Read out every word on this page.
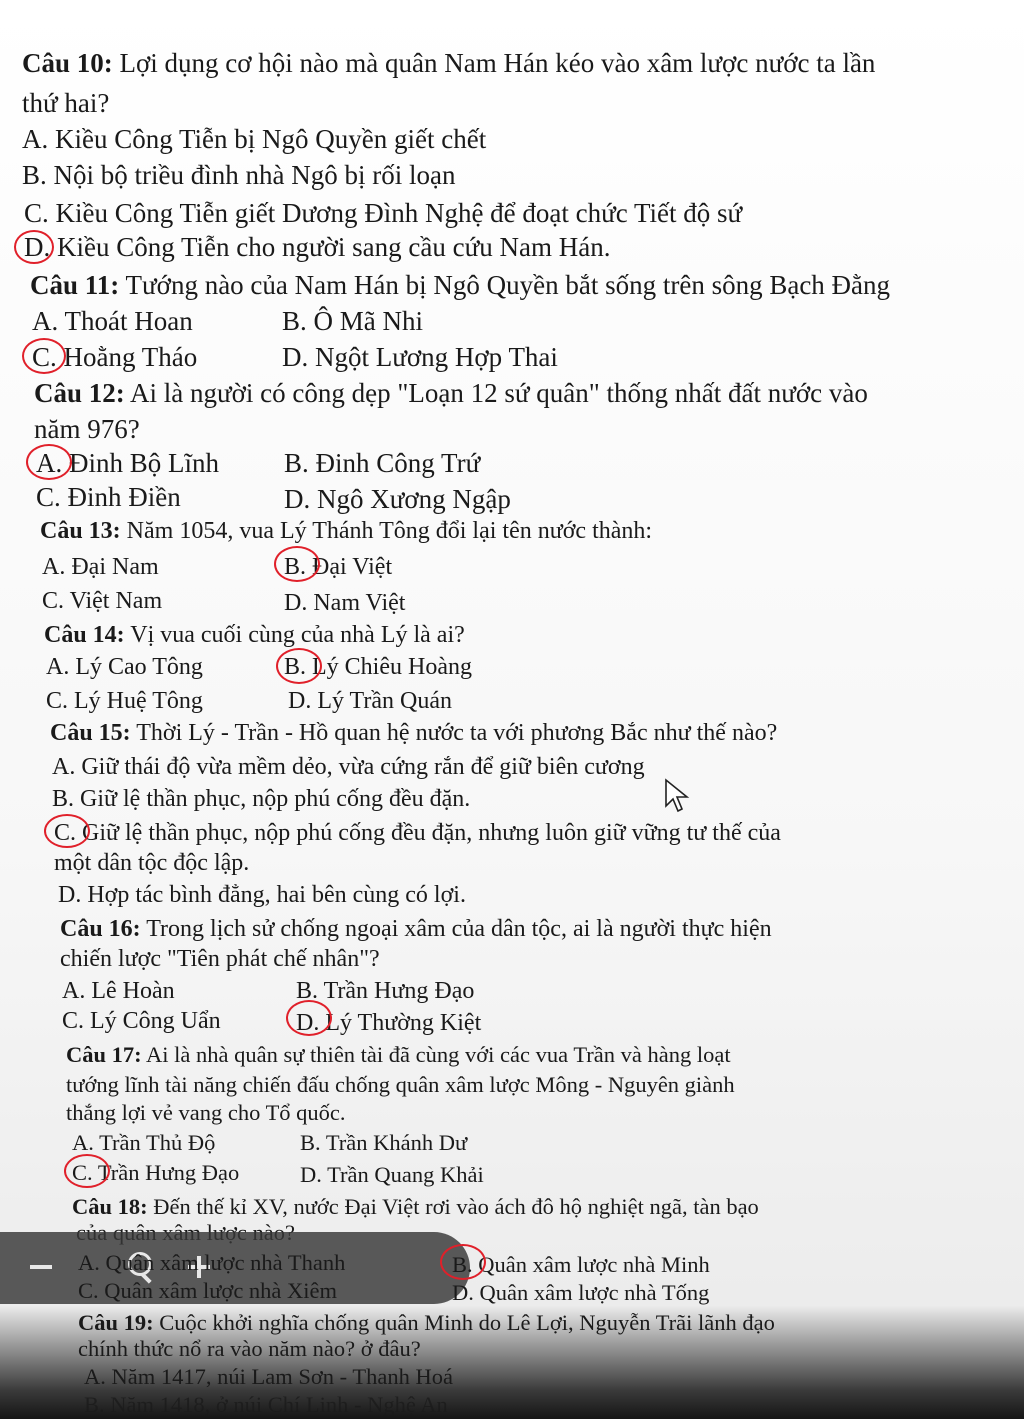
Câu 10: Lợi dụng cơ hội nào mà quân Nam Hán kéo vào xâm lược nước ta lần
thứ hai?
A. Kiều Công Tiễn bị Ngô Quyền giết chết
B. Nội bộ triều đình nhà Ngô bị rối loạn
C. Kiều Công Tiễn giết Dương Đình Nghệ để đoạt chức Tiết độ sứ
D. Kiều Công Tiễn cho người sang cầu cứu Nam Hán.
Câu 11: Tướng nào của Nam Hán bị Ngô Quyền bắt sống trên sông Bạch Đằng
A. Thoát Hoan	B. Ô Mã Nhi
C. Hoằng Tháo	D. Ngột Lương Hợp Thai
Câu 12: Ai là người có công dẹp "Loạn 12 sứ quân" thống nhất đất nước vào
năm 976?
A. Đinh Bộ Lĩnh B. Đinh Công Trứ
C. Đinh Điền	D. Ngô Xương Ngập
Câu 13: Năm 1054, vua Lý Thánh Tông đổi lại tên nước thành:
A. Đại Nam	B. Đại Việt
C. Việt Nam	D. Nam Việt
Câu 14: Vị vua cuối cùng của nhà Lý là ai?
A. Lý Cao Tông	B. Lý Chiêu Hoàng
C. Lý Huệ Tông	D. Lý Trần Quán
Câu 15: Thời Lý - Trần - Hồ quan hệ nước ta với phương Bắc như thế nào?
A. Giữ thái độ vừa mềm dẻo, vừa cứng rắn để giữ biên cương
B. Giữ lệ thần phục, nộp phú cống đều đặn.
C. Giữ lệ thần phục, nộp phú cống đều đặn, nhưng luôn giữ vững tư thế của
một dân tộc độc lập.
D. Hợp tác bình đẳng, hai bên cùng có lợi.
Câu 16: Trong lịch sử chống ngoại xâm của dân tộc, ai là người thực hiện
chiến lược "Tiên phát chế nhân"?
A. Lê Hoàn	B. Trần Hưng Đạo
C. Lý Công Uẩn	D. Lý Thường Kiệt
Câu 17: Ai là nhà quân sự thiên tài đã cùng với các vua Trần và hàng loạt
tướng lĩnh tài năng chiến đấu chống quân xâm lược Mông - Nguyên giành
thắng lợi vẻ vang cho Tổ quốc.
A. Trần Thủ Độ	B. Trần Khánh Dư
C. Trần Hưng Đạo	D. Trần Quang Khải
Câu 18: Đến thế kỉ XV, nước Đại Việt rơi vào ách đô hộ nghiệt ngã, tàn bạo
A. Quân xâm lược nhà Thanh	B. Quân xâm lược nhà Minh
C. Quân xâm lược nhà Xiêm	D. Quân xâm lược nhà Tống
Câu 19: Cuộc khởi nghĩa chống quân Minh do Lê Lợi, Nguyễn Trãi lãnh đạo
chính thức nổ ra vào năm nào? ở đâu?
A. Năm 1417, núi Lam Sơn - Thanh Hoá
B. Năm 1418, ở núi Chí Linh - Nghệ An
